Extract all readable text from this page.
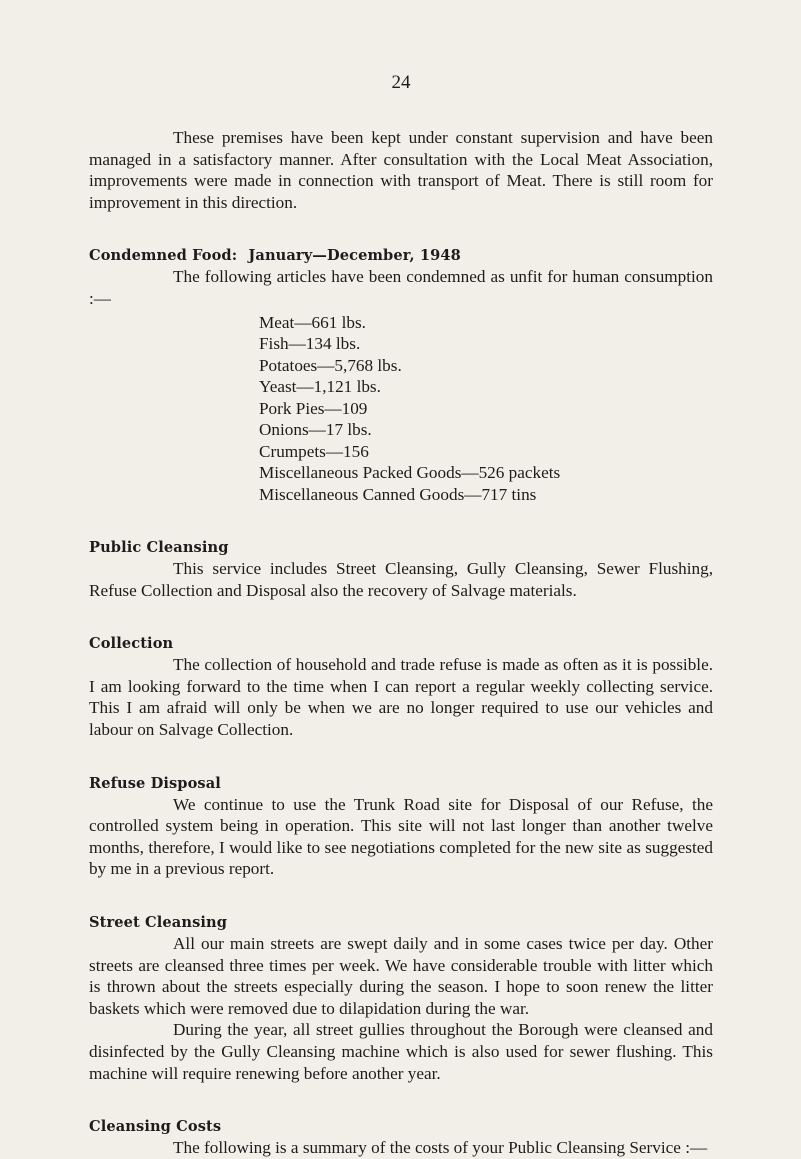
24

These premises have been kept under constant supervision and have been managed in a satisfactory manner. After consultation with the Local Meat Association, improvements were made in connection with transport of Meat. There is still room for improvement in this direction.

Condemned Food: January—December, 1948

The following articles have been condemned as unfit for human consumption :—

Meat—661 lbs.
Fish—134 lbs.
Potatoes—5,768 lbs.
Yeast—1,121 lbs.
Pork Pies—109
Onions—17 lbs.
Crumpets—156
Miscellaneous Packed Goods—526 packets
Miscellaneous Canned Goods—717 tins
Public Cleansing

This service includes Street Cleansing, Gully Cleansing, Sewer Flushing, Refuse Collection and Disposal also the recovery of Salvage materials.

Collection

The collection of household and trade refuse is made as often as it is possible. I am looking forward to the time when I can report a regular weekly collecting service. This I am afraid will only be when we are no longer required to use our vehicles and labour on Salvage Collection.

Refuse Disposal

We continue to use the Trunk Road site for Disposal of our Refuse, the controlled system being in operation. This site will not last longer than another twelve months, therefore, I would like to see negotiations completed for the new site as suggested by me in a previous report.

Street Cleansing

All our main streets are swept daily and in some cases twice per day. Other streets are cleansed three times per week. We have considerable trouble with litter which is thrown about the streets especially during the season. I hope to soon renew the litter baskets which were removed due to dilapidation during the war.

During the year, all street gullies throughout the Borough were cleansed and disinfected by the Gully Cleansing machine which is also used for sewer flushing. This machine will require renewing before another year.

Cleansing Costs

The following is a summary of the costs of your Public Cleansing Service :—
